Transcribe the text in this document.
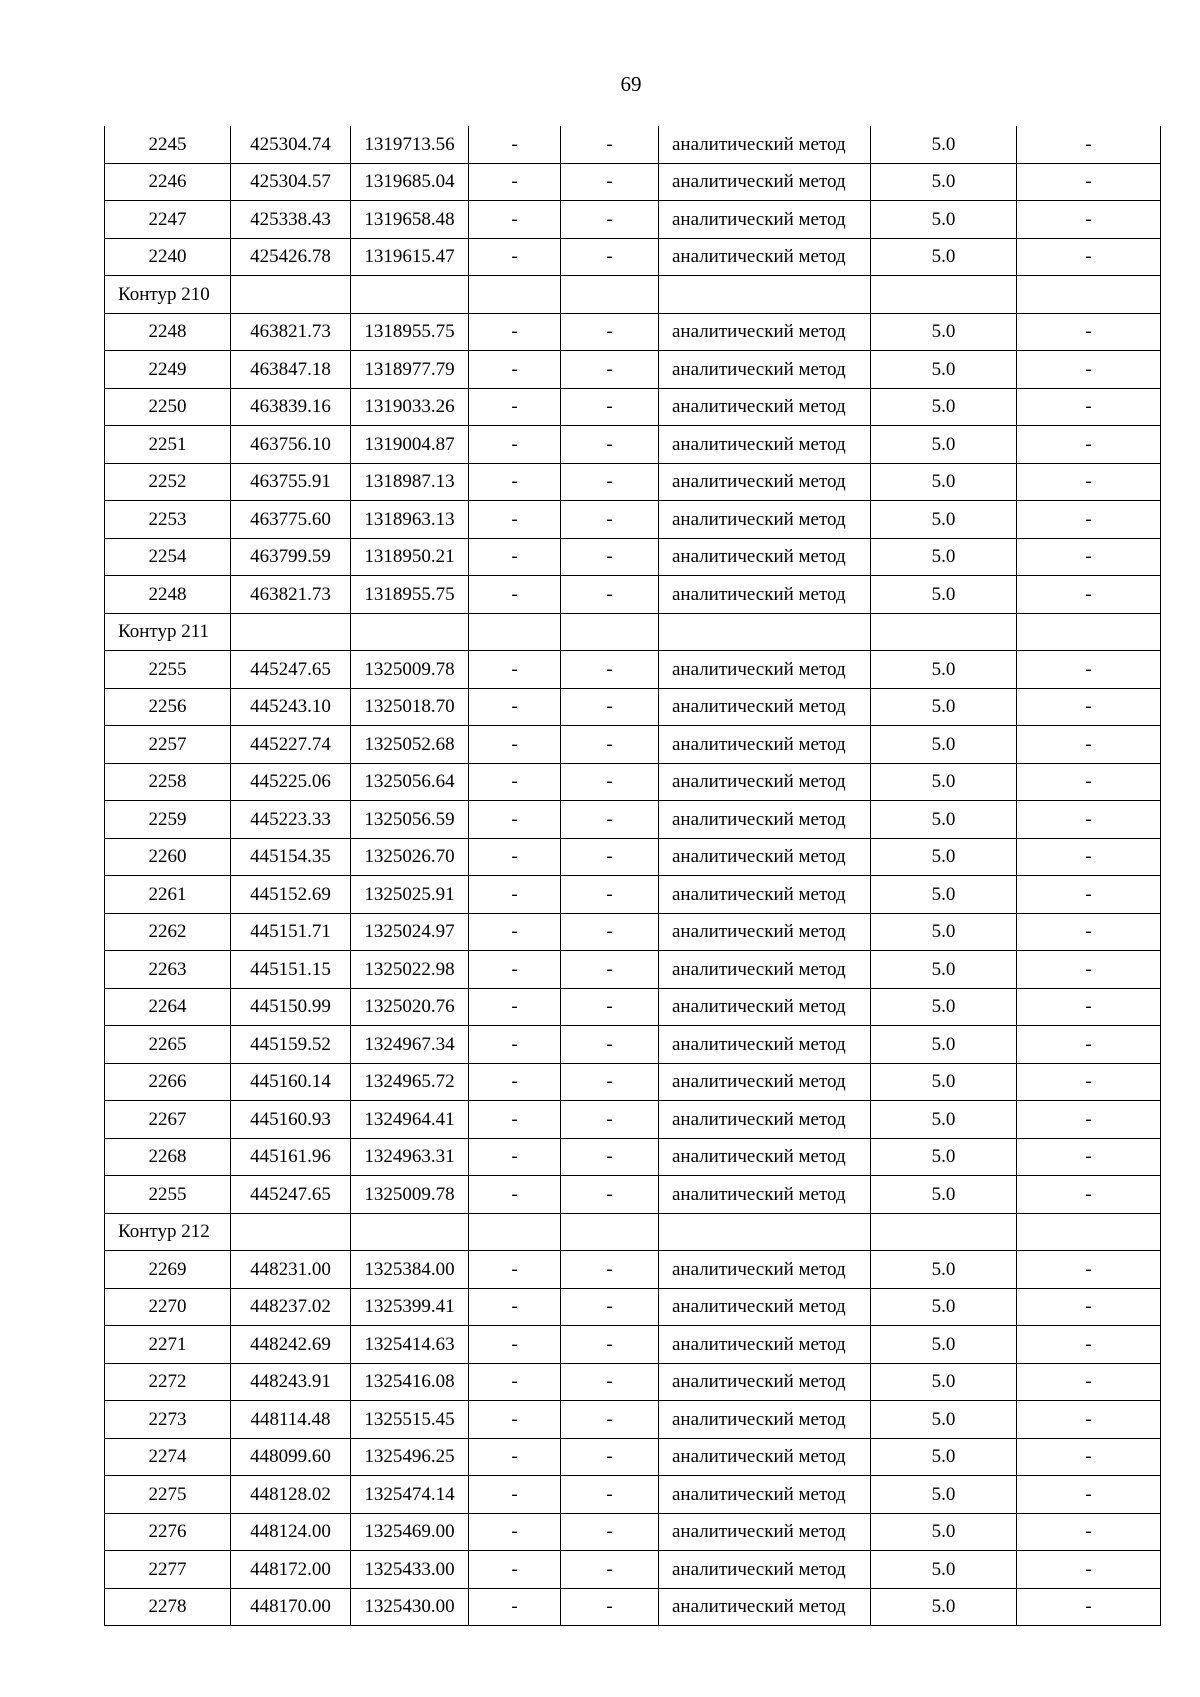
69
2245	425304.74	1319713.56	-	-	аналитический метод	5.0	-
2246	425304.57	1319685.04	-	-	аналитический метод	5.0	-
2247	425338.43	1319658.48	-	-	аналитический метод	5.0	-
2240	425426.78	1319615.47	-	-	аналитический метод	5.0	-
Контур 210							
2248	463821.73	1318955.75	-	-	аналитический метод	5.0	-
2249	463847.18	1318977.79	-	-	аналитический метод	5.0	-
2250	463839.16	1319033.26	-	-	аналитический метод	5.0	-
2251	463756.10	1319004.87	-	-	аналитический метод	5.0	-
2252	463755.91	1318987.13	-	-	аналитический метод	5.0	-
2253	463775.60	1318963.13	-	-	аналитический метод	5.0	-
2254	463799.59	1318950.21	-	-	аналитический метод	5.0	-
2248	463821.73	1318955.75	-	-	аналитический метод	5.0	-
Контур 211							
2255	445247.65	1325009.78	-	-	аналитический метод	5.0	-
2256	445243.10	1325018.70	-	-	аналитический метод	5.0	-
2257	445227.74	1325052.68	-	-	аналитический метод	5.0	-
2258	445225.06	1325056.64	-	-	аналитический метод	5.0	-
2259	445223.33	1325056.59	-	-	аналитический метод	5.0	-
2260	445154.35	1325026.70	-	-	аналитический метод	5.0	-
2261	445152.69	1325025.91	-	-	аналитический метод	5.0	-
2262	445151.71	1325024.97	-	-	аналитический метод	5.0	-
2263	445151.15	1325022.98	-	-	аналитический метод	5.0	-
2264	445150.99	1325020.76	-	-	аналитический метод	5.0	-
2265	445159.52	1324967.34	-	-	аналитический метод	5.0	-
2266	445160.14	1324965.72	-	-	аналитический метод	5.0	-
2267	445160.93	1324964.41	-	-	аналитический метод	5.0	-
2268	445161.96	1324963.31	-	-	аналитический метод	5.0	-
2255	445247.65	1325009.78	-	-	аналитический метод	5.0	-
Контур 212							
2269	448231.00	1325384.00	-	-	аналитический метод	5.0	-
2270	448237.02	1325399.41	-	-	аналитический метод	5.0	-
2271	448242.69	1325414.63	-	-	аналитический метод	5.0	-
2272	448243.91	1325416.08	-	-	аналитический метод	5.0	-
2273	448114.48	1325515.45	-	-	аналитический метод	5.0	-
2274	448099.60	1325496.25	-	-	аналитический метод	5.0	-
2275	448128.02	1325474.14	-	-	аналитический метод	5.0	-
2276	448124.00	1325469.00	-	-	аналитический метод	5.0	-
2277	448172.00	1325433.00	-	-	аналитический метод	5.0	-
2278	448170.00	1325430.00	-	-	аналитический метод	5.0	-
